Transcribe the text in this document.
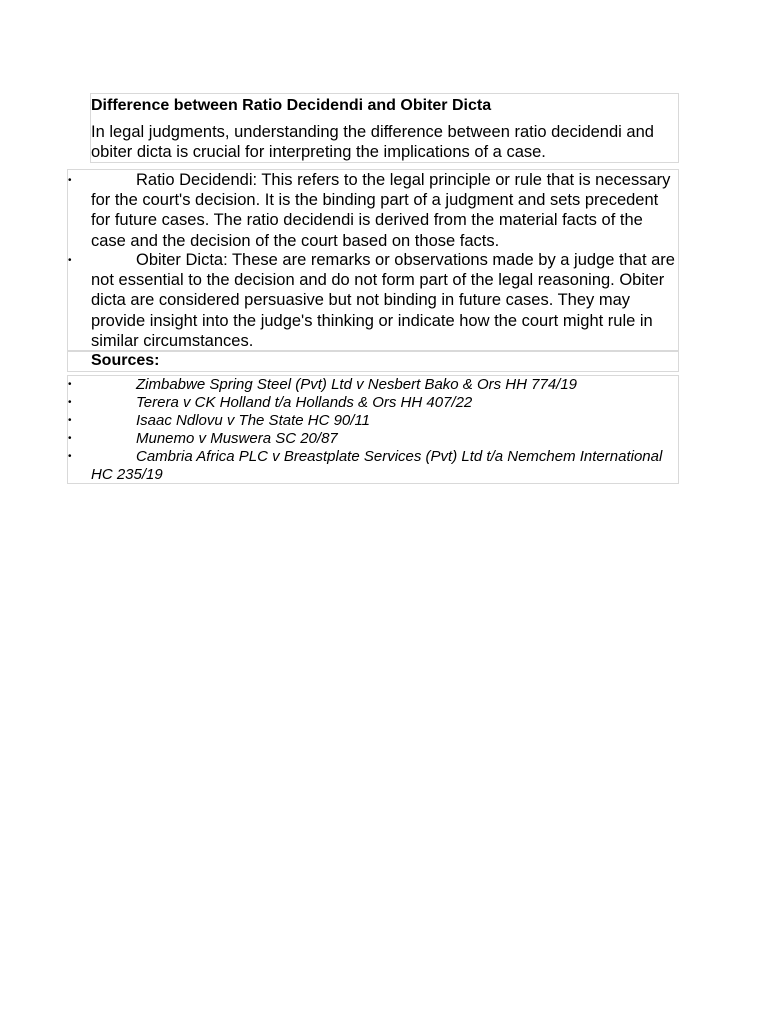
Difference between Ratio Decidendi and Obiter Dicta
In legal judgments, understanding the difference between ratio decidendi and obiter dicta is crucial for interpreting the implications of a case.
•	Ratio Decidendi: This refers to the legal principle or rule that is necessary for the court's decision. It is the binding part of a judgment and sets precedent for future cases. The ratio decidendi is derived from the material facts of the case and the decision of the court based on those facts.
•	Obiter Dicta: These are remarks or observations made by a judge that are not essential to the decision and do not form part of the legal reasoning. Obiter dicta are considered persuasive but not binding in future cases. They may provide insight into the judge's thinking or indicate how the court might rule in similar circumstances.
Sources:
•	Zimbabwe Spring Steel (Pvt) Ltd v Nesbert Bako & Ors HH 774/19
•	Terera v CK Holland t/a Hollands & Ors HH 407/22
•	Isaac Ndlovu v The State HC 90/11
•	Munemo v Muswera SC 20/87
•	Cambria Africa PLC v Breastplate Services (Pvt) Ltd t/a Nemchem International HC 235/19
